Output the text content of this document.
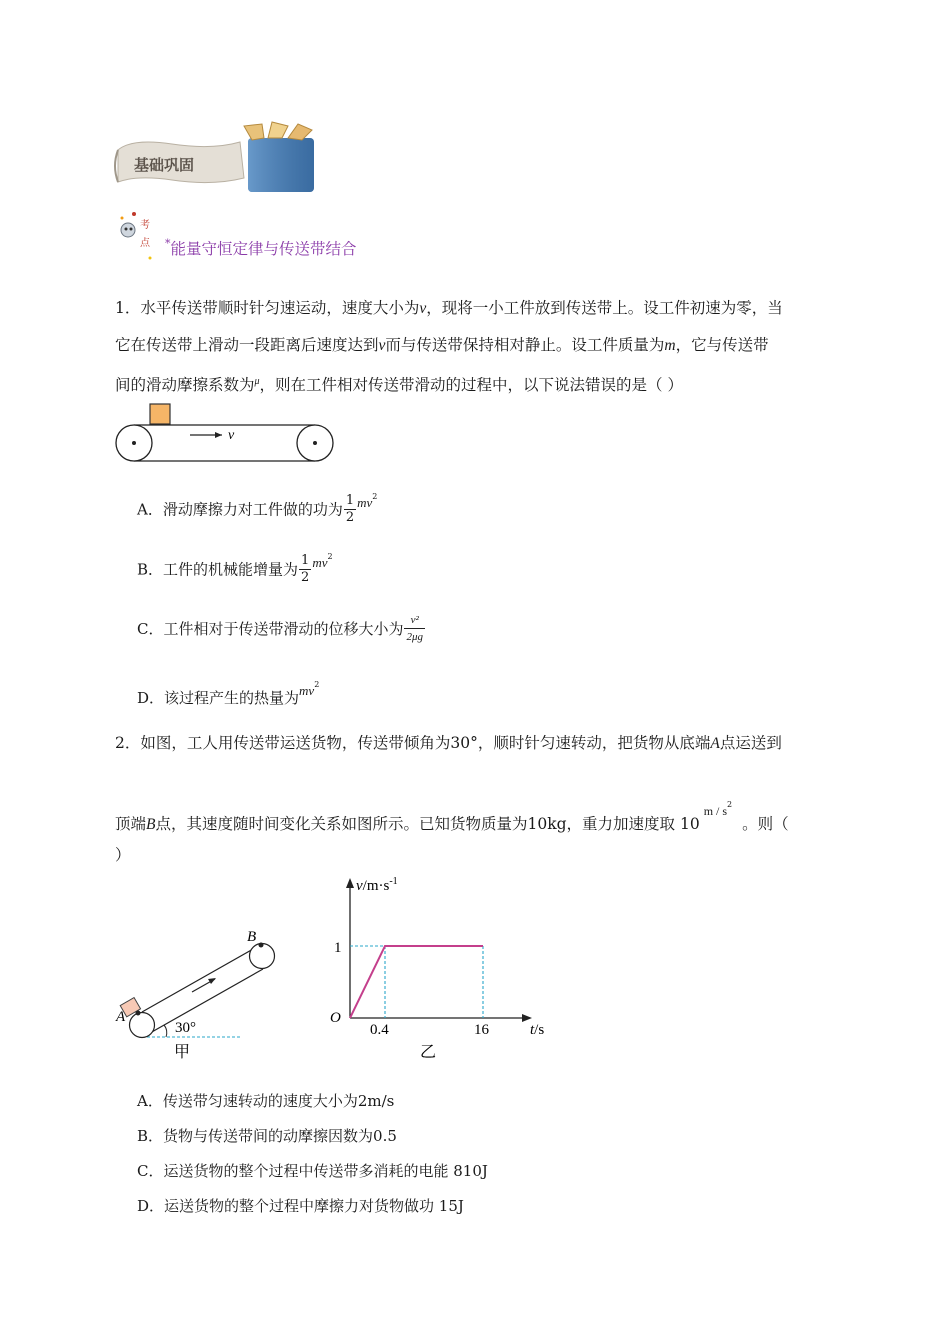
基础巩固
考
点 *能量守恒定律与传送带结合
1．水平传送带顺时针匀速运动，速度大小为v，现将一小工件放到传送带上。设工件初速为零，当
它在传送带上滑动一段距离后速度达到v而与传送带保持相对静止。设工件质量为m，它与传送带
间的滑动摩擦系数为$^\mu$，则在工件相对传送带滑动的过程中，以下说法错误的是（ ）
v
A．滑动摩擦力对工件做的功为 $\frac{1}{2} mv^2$
B．工件的机械能增量为 $\frac{1}{2} mv^2$
C．工件相对于传送带滑动的位移大小为 $\frac{\text{v²}}{2\mu g}$
D．该过程产生的热量为$mv^2$
2．如图，工人用传送带运送货物，传送带倾角为30°，顺时针匀速转动，把货物从底端A点运送到
顶端B点，其速度随时间变化关系如图所示。已知货物质量为10kg，重力加速度取 $10^{m / s2}$。则（
）
B
A
30°
甲
$v/m\cdot s^{-1}$
1
O
0.4	16	t/s
乙
A．传送带匀速转动的速度大小为2m/s
B．货物与传送带间的动摩擦因数为0.5
C．运送货物的整个过程中传送带多消耗的电能 810J
D．运送货物的整个过程中摩擦力对货物做功 15J
